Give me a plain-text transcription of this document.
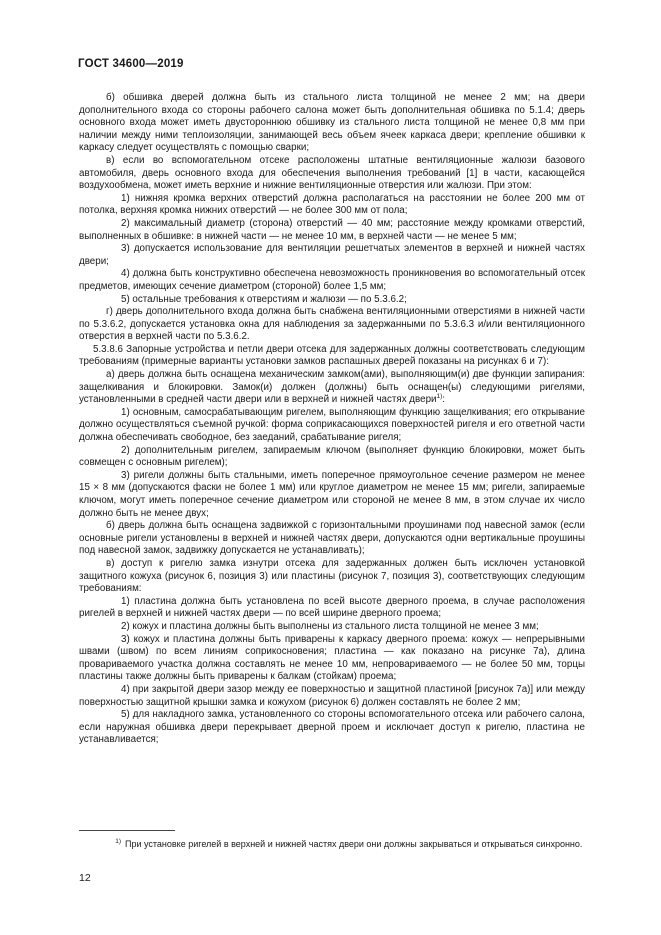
ГОСТ 34600—2019

б) обшивка дверей должна быть из стального листа толщиной не менее 2 мм; на двери дополнительного входа со стороны рабочего салона может быть дополнительная обшивка по 5.1.4; дверь основного входа может иметь двустороннюю обшивку из стального листа толщиной не менее 0,8 мм при наличии между ними теплоизоляции, занимающей весь объем ячеек каркаса двери; крепление обшивки к каркасу следует осуществлять с помощью сварки;

в) если во вспомогательном отсеке расположены штатные вентиляционные жалюзи базового автомобиля, дверь основного входа для обеспечения выполнения требований [1] в части, касающейся воздухообмена, может иметь верхние и нижние вентиляционные отверстия или жалюзи. При этом:

1) нижняя кромка верхних отверстий должна располагаться на расстоянии не более 200 мм от потолка, верхняя кромка нижних отверстий — не более 300 мм от пола;

2) максимальный диаметр (сторона) отверстий — 40 мм; расстояние между кромками отверстий, выполненных в обшивке: в нижней части — не менее 10 мм, в верхней части — не менее 5 мм;

3) допускается использование для вентиляции решетчатых элементов в верхней и нижней частях двери;

4) должна быть конструктивно обеспечена невозможность проникновения во вспомогательный отсек предметов, имеющих сечение диаметром (стороной) более 1,5 мм;

5) остальные требования к отверстиям и жалюзи — по 5.3.6.2;

г) дверь дополнительного входа должна быть снабжена вентиляционными отверстиями в нижней части по 5.3.6.2, допускается установка окна для наблюдения за задержанными по 5.3.6.3 и/или вентиляционного отверстия в верхней части по 5.3.6.2.

5.3.8.6 Запорные устройства и петли двери отсека для задержанных должны соответствовать следующим требованиям (примерные варианты установки замков распашных дверей показаны на рисунках 6 и 7):

а) дверь должна быть оснащена механическим замком(ами), выполняющим(и) две функции запирания: защелкивания и блокировки. Замок(и) должен (должны) быть оснащен(ы) следующими ригелями, установленными в средней части двери или в верхней и нижней частях двери$^{1)}$:

1) основным, самосрабатывающим ригелем, выполняющим функцию защелкивания; его открывание должно осуществляться съемной ручкой: форма соприкасающихся поверхностей ригеля и его ответной части должна обеспечивать свободное, без заеданий, срабатывание ригеля;

2) дополнительным ригелем, запираемым ключом (выполняет функцию блокировки, может быть совмещен с основным ригелем);

3) ригели должны быть стальными, иметь поперечное прямоугольное сечение размером не менее 15 × 8 мм (допускаются фаски не более 1 мм) или круглое диаметром не менее 15 мм; ригели, запираемые ключом, могут иметь поперечное сечение диаметром или стороной не менее 8 мм, в этом случае их число должно быть не менее двух;

б) дверь должна быть оснащена задвижкой с горизонтальными проушинами под навесной замок (если основные ригели установлены в верхней и нижней частях двери, допускаются одни вертикальные проушины под навесной замок, задвижку допускается не устанавливать);

в) доступ к ригелю замка изнутри отсека для задержанных должен быть исключен установкой защитного кожуха (рисунок 6, позиция 3) или пластины (рисунок 7, позиция 3), соответствующих следующим требованиям:

1) пластина должна быть установлена по всей высоте дверного проема, в случае расположения ригелей в верхней и нижней частях двери — по всей ширине дверного проема;

2) кожух и пластина должны быть выполнены из стального листа толщиной не менее 3 мм;

3) кожух и пластина должны быть приварены к каркасу дверного проема: кожух — непрерывными швами (швом) по всем линиям соприкосновения; пластина — как показано на рисунке 7а), длина провариваемого участка должна составлять не менее 10 мм, непровариваемого — не более 50 мм, торцы пластины также должны быть приварены к балкам (стойкам) проема;

4) при закрытой двери зазор между ее поверхностью и защитной пластиной [рисунок 7а)] или между поверхностью защитной крышки замка и кожухом (рисунок 6) должен составлять не более 2 мм;

5) для накладного замка, установленного со стороны вспомогательного отсека или рабочего салона, если наружная обшивка двери перекрывает дверной проем и исключает доступ к ригелю, пластина не устанавливается;

$^{1)}$ При установке ригелей в верхней и нижней частях двери они должны закрываться и открываться синхронно.
12
